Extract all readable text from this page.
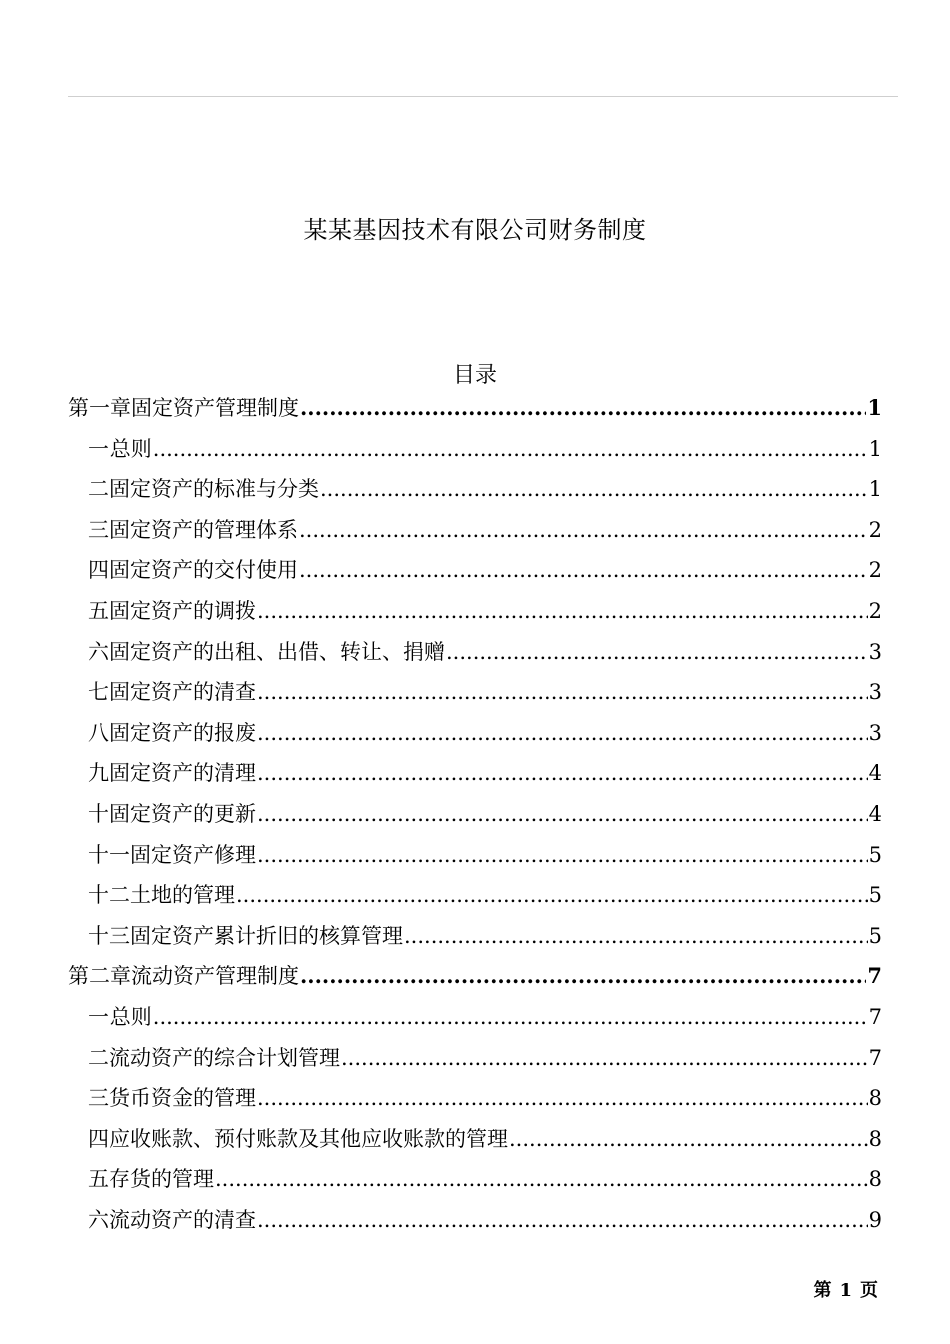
某某基因技术有限公司财务制度
目录
第一章 固定资产管理制度 .....	1
一 总则 .....	1
二 固定资产的标准与分类 .....	1
三 固定资产的管理体系 .....	2
四 固定资产的交付使用 .....	2
五 固定资产的调拨 .....	2
六 固定资产的出租、出借、转让、捐赠 .....	3
七 固定资产的清查 .....	3
八 固定资产的报废 .....	3
九 固定资产的清理 .....	4
十 固定资产的更新 .....	4
十一 固定资产修理 .....	5
十二 土地的管理 .....	5
十三 固定资产累计折旧的核算管理 .....	5
第二章 流动资产管理制度 .....	7
一 总则 .....	7
二 流动资产的综合计划管理 .....	7
三 货币资金的管理 .....	8
四 应收账款、预付账款及其他应收账款的管理 .....	8
五 存货的管理 .....	8
六 流动资产的清查 .....	9
第 1 页
